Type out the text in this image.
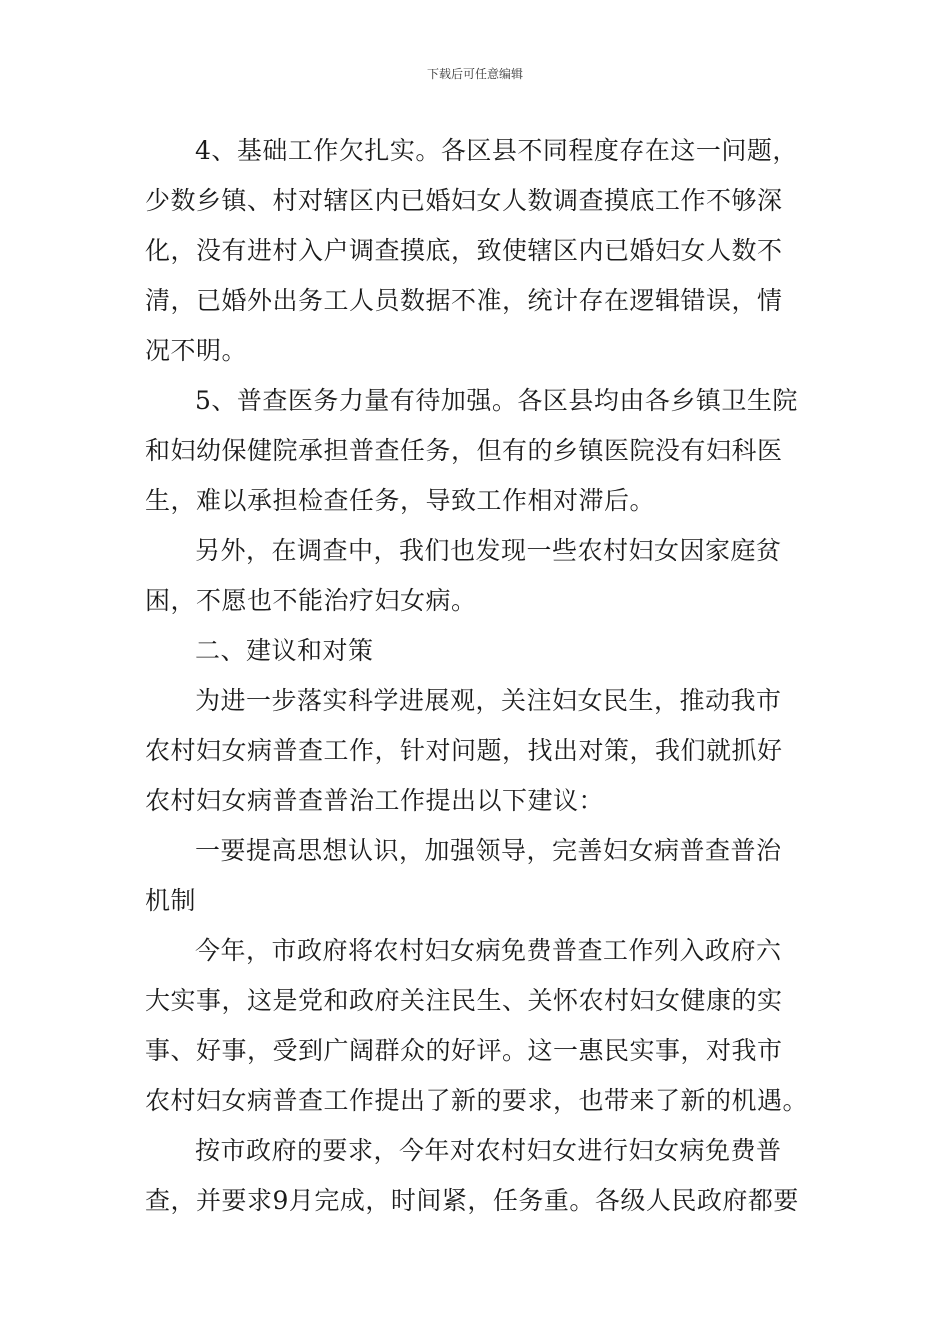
下载后可任意编辑

4、基础工作欠扎实。各区县不同程度存在这一问题，
少数乡镇、村对辖区内已婚妇女人数调查摸底工作不够深
化，没有进村入户调查摸底，致使辖区内已婚妇女人数不
清，已婚外出务工人员数据不准，统计存在逻辑错误，情
况不明。

5、普查医务力量有待加强。各区县均由各乡镇卫生院
和妇幼保健院承担普查任务，但有的乡镇医院没有妇科医
生，难以承担检查任务，导致工作相对滞后。

另外，在调查中，我们也发现一些农村妇女因家庭贫
困，不愿也不能治疗妇女病。

二、建议和对策

为进一步落实科学进展观，关注妇女民生，推动我市
农村妇女病普查工作，针对问题，找出对策，我们就抓好
农村妇女病普查普治工作提出以下建议：

一要提高思想认识，加强领导，完善妇女病普查普治
机制

今年，市政府将农村妇女病免费普查工作列入政府六
大实事，这是党和政府关注民生、关怀农村妇女健康的实
事、好事，受到广阔群众的好评。这一惠民实事，对我市
农村妇女病普查工作提出了新的要求，也带来了新的机遇。

按市政府的要求，今年对农村妇女进行妇女病免费普
查，并要求9月完成，时间紧，任务重。各级人民政府都要
